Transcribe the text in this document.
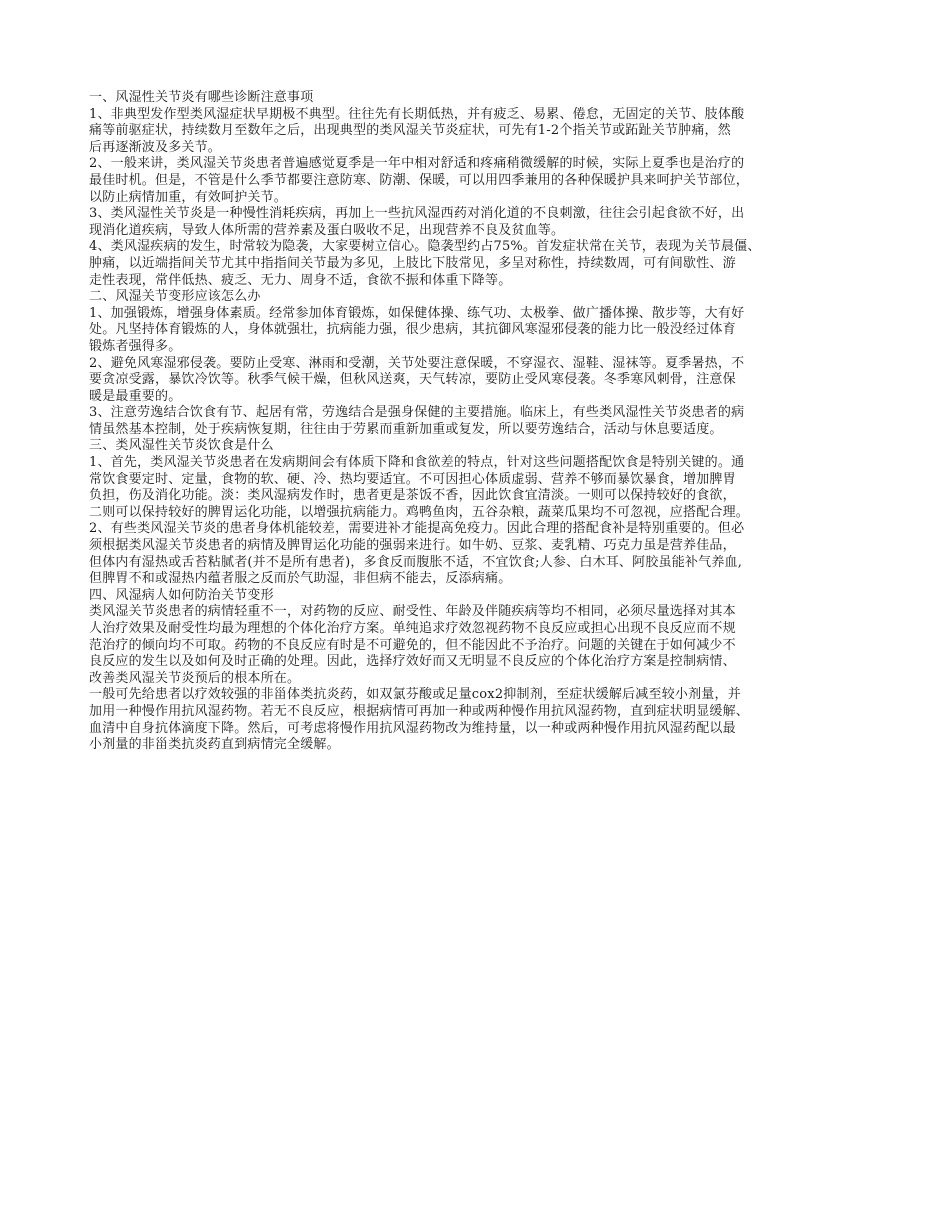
一、风湿性关节炎有哪些诊断注意事项
1、非典型发作型类风湿症状早期极不典型。往往先有长期低热，并有疲乏、易累、倦怠，无固定的关节、肢体酸
痛等前驱症状，持续数月至数年之后，出现典型的类风湿关节炎症状，可先有1-2个指关节或跖趾关节肿痛，然
后再逐渐波及多关节。
2、一般来讲，类风湿关节炎患者普遍感觉夏季是一年中相对舒适和疼痛稍微缓解的时候，实际上夏季也是治疗的
最佳时机。但是，不管是什么季节都要注意防寒、防潮、保暖，可以用四季兼用的各种保暖护具来呵护关节部位，
以防止病情加重，有效呵护关节。
3、类风湿性关节炎是一种慢性消耗疾病，再加上一些抗风湿西药对消化道的不良刺激，往往会引起食欲不好，出
现消化道疾病，导致人体所需的营养素及蛋白吸收不足，出现营养不良及贫血等。
4、类风湿疾病的发生，时常较为隐袭，大家要树立信心。隐袭型约占75%。首发症状常在关节，表现为关节晨僵、
肿痛，以近端指间关节尤其中指指间关节最为多见，上肢比下肢常见，多呈对称性，持续数周，可有间歇性、游
走性表现，常伴低热、疲乏、无力、周身不适，食欲不振和体重下降等。
二、风湿关节变形应该怎么办
1、加强锻炼，增强身体素质。经常参加体育锻炼，如保健体操、练气功、太极拳、做广播体操、散步等，大有好
处。凡坚持体育锻炼的人，身体就强壮，抗病能力强，很少患病，其抗御风寒湿邪侵袭的能力比一般没经过体育
锻炼者强得多。
2、避免风寒湿邪侵袭。要防止受寒、淋雨和受潮，关节处要注意保暖，不穿湿衣、湿鞋、湿袜等。夏季暑热，不
要贪凉受露，暴饮冷饮等。秋季气候干燥，但秋风送爽，天气转凉，要防止受风寒侵袭。冬季寒风刺骨，注意保
暖是最重要的。
3、注意劳逸结合饮食有节、起居有常，劳逸结合是强身保健的主要措施。临床上，有些类风湿性关节炎患者的病
情虽然基本控制，处于疾病恢复期，往往由于劳累而重新加重或复发，所以要劳逸结合，活动与休息要适度。
三、类风湿性关节炎饮食是什么
1、首先，类风湿关节炎患者在发病期间会有体质下降和食欲差的特点，针对这些问题搭配饮食是特别关键的。通
常饮食要定时、定量，食物的软、硬、冷、热均要适宜。不可因担心体质虚弱、营养不够而暴饮暴食，增加脾胃
负担，伤及消化功能。淡：类风湿病发作时，患者更是茶饭不香，因此饮食宜清淡。一则可以保持较好的食欲，
二则可以保持较好的脾胃运化功能，以增强抗病能力。鸡鸭鱼肉，五谷杂粮，蔬菜瓜果均不可忽视，应搭配合理。
2、有些类风湿关节炎的患者身体机能较差，需要进补才能提高免疫力。因此合理的搭配食补是特别重要的。但必
须根据类风湿关节炎患者的病情及脾胃运化功能的强弱来进行。如牛奶、豆浆、麦乳精、巧克力虽是营养佳品，
但体内有湿热或舌苔粘腻者(并不是所有患者)，多食反而腹胀不适，不宜饮食;人参、白木耳、阿胶虽能补气养血,
但脾胃不和或湿热内蕴者服之反而於气助湿，非但病不能去，反添病痛。
四、风湿病人如何防治关节变形
类风湿关节炎患者的病情轻重不一，对药物的反应、耐受性、年龄及伴随疾病等均不相同，必须尽量选择对其本
人治疗效果及耐受性均最为理想的个体化治疗方案。单纯追求疗效忽视药物不良反应或担心出现不良反应而不规
范治疗的倾向均不可取。药物的不良反应有时是不可避免的，但不能因此不予治疗。问题的关键在于如何减少不
良反应的发生以及如何及时正确的处理。因此，选择疗效好而又无明显不良反应的个体化治疗方案是控制病情、
改善类风湿关节炎预后的根本所在。
一般可先给患者以疗效较强的非甾体类抗炎药，如双氯芬酸或足量cox2抑制剂，至症状缓解后减至较小剂量，并
加用一种慢作用抗风湿药物。若无不良反应，根据病情可再加一种或两种慢作用抗风湿药物，直到症状明显缓解、
血清中自身抗体滴度下降。然后，可考虑将慢作用抗风湿药物改为维持量，以一种或两种慢作用抗风湿药配以最
小剂量的非甾类抗炎药直到病情完全缓解。
